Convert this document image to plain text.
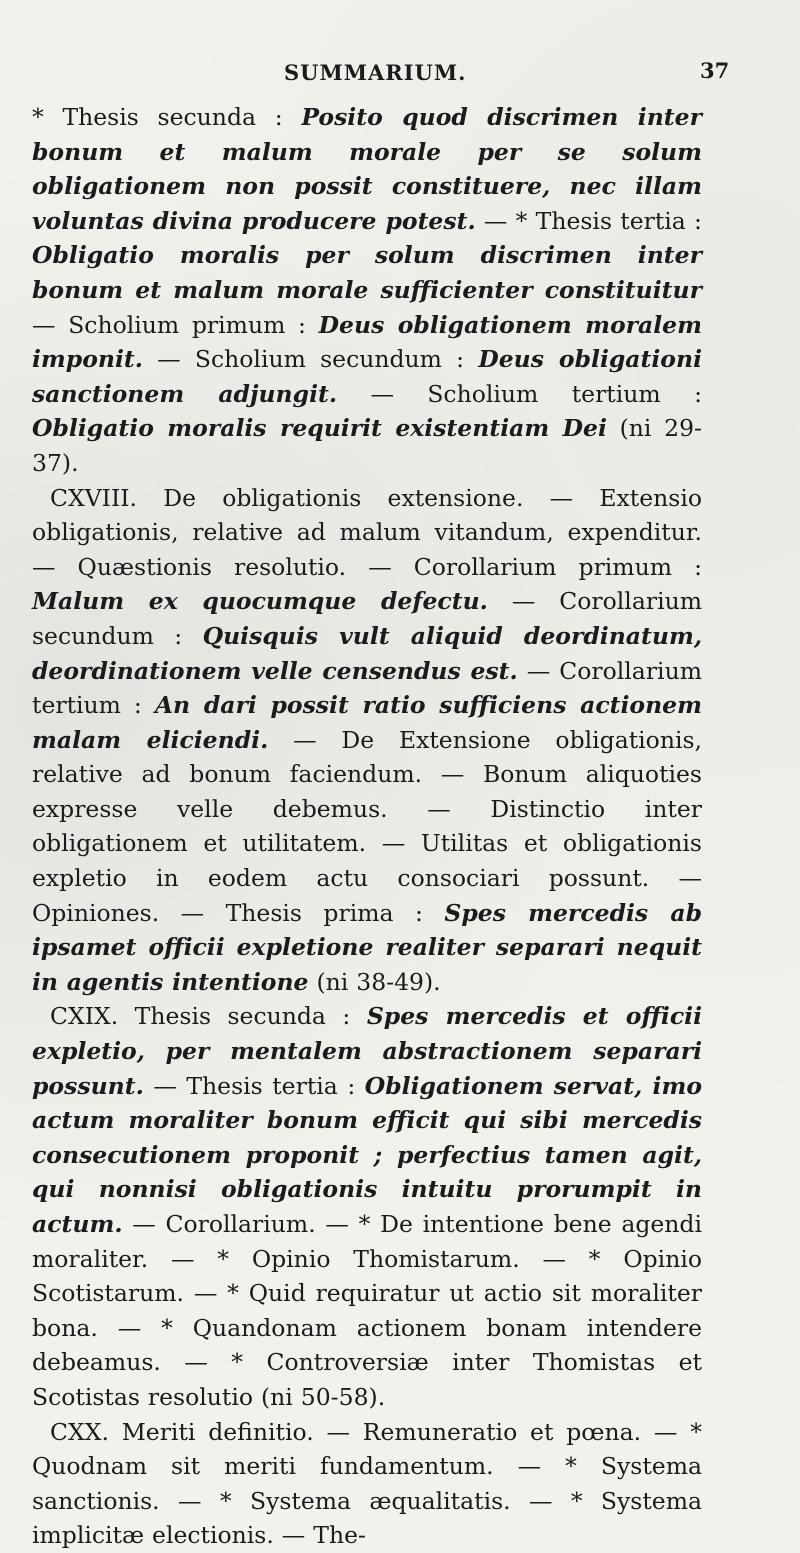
SUMMARIUM.	37

* Thesis secunda : Posito quod discrimen inter bonum et malum morale per se solum obligationem non possit constituere, nec illam voluntas divina producere potest. — * Thesis tertia : Obligatio moralis per solum discrimen inter bonum et malum morale sufficienter constituitur — Scholium primum : Deus obligationem moralem imponit. — Scholium secundum : Deus obligationi sanctionem adjungit. — Scholium tertium : Obligatio moralis requirit existentiam Dei (ni 29-37).

CXVIII. De obligationis extensione. — Extensio obligationis, relative ad malum vitandum, expenditur. — Quæstionis resolutio. — Corollarium primum : Malum ex quocumque defectu. — Corollarium secundum : Quisquis vult aliquid deordinatum, deordinationem velle censendus est. — Corollarium tertium : An dari possit ratio sufficiens actionem malam eliciendi. — De Extensione obligationis, relative ad bonum faciendum. — Bonum aliquoties expresse velle debemus. — Distinctio inter obligationem et utilitatem. — Utilitas et obligationis expletio in eodem actu consociari possunt. — Opiniones. — Thesis prima : Spes mercedis ab ipsamet officii expletione realiter separari nequit in agentis intentione (ni 38-49).

CXIX. Thesis secunda : Spes mercedis et officii expletio, per mentalem abstractionem separari possunt. — Thesis tertia : Obligationem servat, imo actum moraliter bonum efficit qui sibi mercedis consecutionem proponit ; perfectius tamen agit, qui nonnisi obligationis intuitu prorumpit in actum. — Corollarium. — * De intentione bene agendi moraliter. — * Opinio Thomistarum. — * Opinio Scotistarum. — * Quid requiratur ut actio sit moraliter bona. — * Quandonam actionem bonam intendere debeamus. — * Controversiæ inter Thomistas et Scotistas resolutio (ni 50-58).

CXX. Meriti definitio. — Remuneratio et pœna. — * Quodnam sit meriti fundamentum. — * Systema sanctionis. — * Systema æqualitatis. — * Systema implicitæ electionis. — The-
